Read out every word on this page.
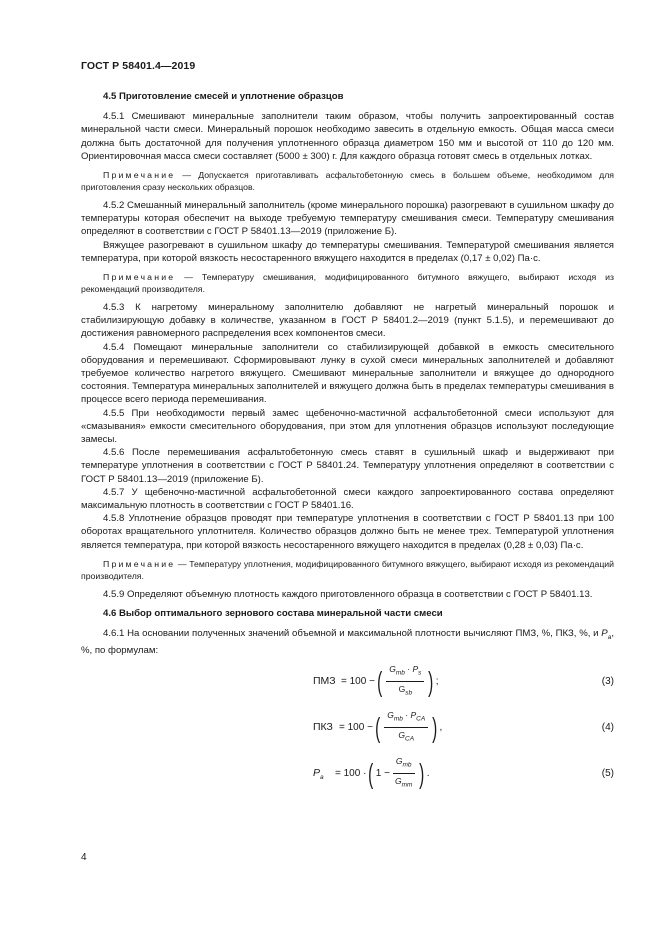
ГОСТ Р 58401.4—2019

4.5 Приготовление смесей и уплотнение образцов

4.5.1 Смешивают минеральные заполнители таким образом, чтобы получить запроектированный состав минеральной части смеси. Минеральный порошок необходимо завесить в отдельную емкость. Общая масса смеси должна быть достаточной для получения уплотненного образца диаметром 150 мм и высотой от 110 до 120 мм. Ориентировочная масса смеси составляет (5000 ± 300) г. Для каждого образца готовят смесь в отдельных лотках.

Примечание — Допускается приготавливать асфальтобетонную смесь в большем объеме, необходимом для приготовления сразу нескольких образцов.

4.5.2 Смешанный минеральный заполнитель (кроме минерального порошка) разогревают в сушильном шкафу до температуры которая обеспечит на выходе требуемую температуру смешивания смеси. Температуру смешивания определяют в соответствии с ГОСТ Р 58401.13—2019 (приложение Б).

Вяжущее разогревают в сушильном шкафу до температуры смешивания. Температурой смешивания является температура, при которой вязкость несостаренного вяжущего находится в пределах (0,17 ± 0,02) Па·с.

Примечание — Температуру смешивания, модифицированного битумного вяжущего, выбирают исходя из рекомендаций производителя.

4.5.3 К нагретому минеральному заполнителю добавляют не нагретый минеральный порошок и стабилизирующую добавку в количестве, указанном в ГОСТ Р 58401.2—2019 (пункт 5.1.5), и перемешивают до достижения равномерного распределения всех компонентов смеси.

4.5.4 Помещают минеральные заполнители со стабилизирующей добавкой в емкость смесительного оборудования и перемешивают. Сформировывают лунку в сухой смеси минеральных заполнителей и добавляют требуемое количество нагретого вяжущего. Смешивают минеральные заполнители и вяжущее до однородного состояния. Температура минеральных заполнителей и вяжущего должна быть в пределах температуры смешивания в процессе всего периода перемешивания.

4.5.5 При необходимости первый замес щебеночно-мастичной асфальтобетонной смеси используют для «смазывания» емкости смесительного оборудования, при этом для уплотнения образцов используют последующие замесы.

4.5.6 После перемешивания асфальтобетонную смесь ставят в сушильный шкаф и выдерживают при температуре уплотнения в соответствии с ГОСТ Р 58401.24. Температуру уплотнения определяют в соответствии с ГОСТ Р 58401.13—2019 (приложение Б).

4.5.7 У щебеночно-мастичной асфальтобетонной смеси каждого запроектированного состава определяют максимальную плотность в соответствии с ГОСТ Р 58401.16.

4.5.8 Уплотнение образцов проводят при температуре уплотнения в соответствии с ГОСТ Р 58401.13 при 100 оборотах вращательного уплотнителя. Количество образцов должно быть не менее трех. Температурой уплотнения является температура, при которой вязкость несостаренного вяжущего находится в пределах (0,28 ± 0,03) Па·с.

Примечание — Температуру уплотнения, модифицированного битумного вяжущего, выбирают исходя из рекомендаций производителя.

4.5.9 Определяют объемную плотность каждого приготовленного образца в соответствии с ГОСТ Р 58401.13.

4.6 Выбор оптимального зернового состава минеральной части смеси

4.6.1 На основании полученных значений объемной и максимальной плотности вычисляют ПМЗ, %, ПКЗ, %, и $P_a$, %, по формулам:

ПМЗ = 100 − ( $\frac{G_{mb} \cdot P_s}{G_{sb}}$ ) ;	(3)
ПКЗ = 100 − ( $\frac{G_{mb} \cdot P_{CA}}{G_{CA}}$ ) ,	(4)
$P_a = 100$ · ( $1 - \frac{G_{mb}}{G_{mm}}$ ) .	(5)
4
